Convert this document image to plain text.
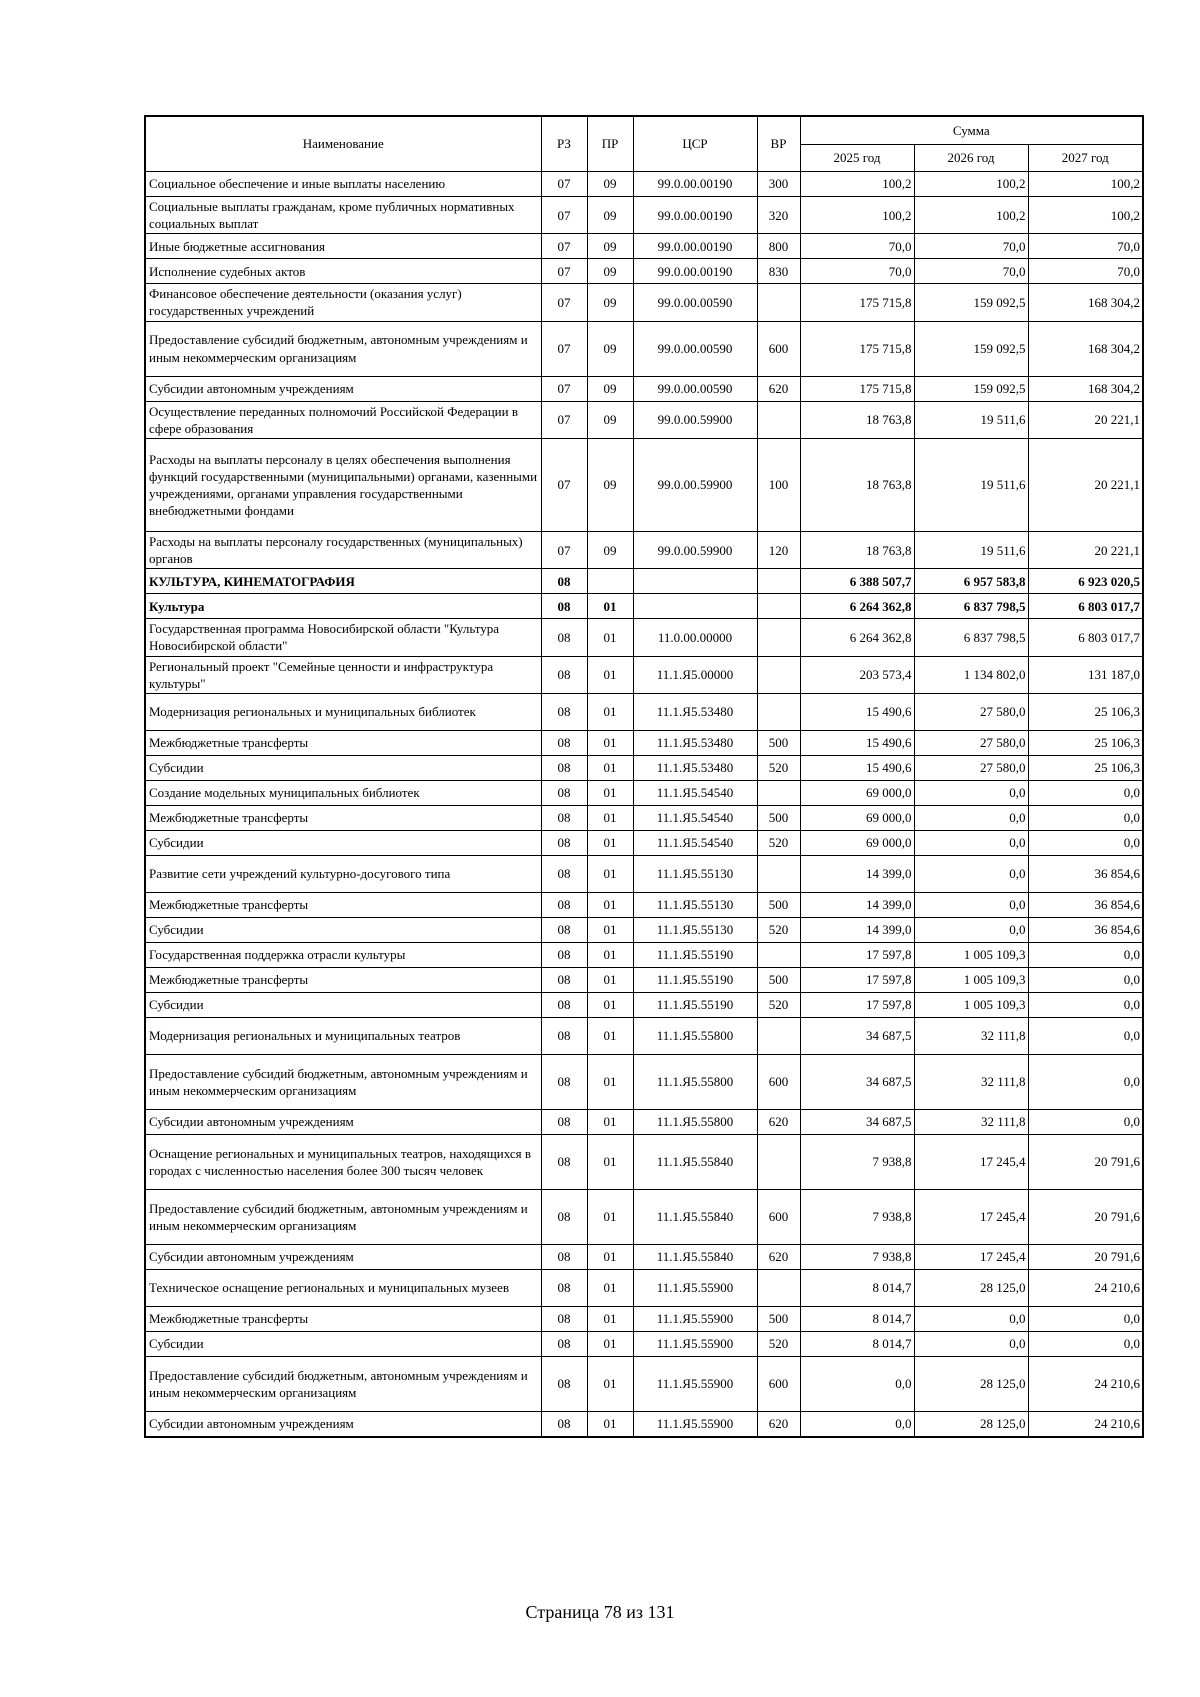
Наименование	РЗ	ПР	ЦСР	ВР	Сумма		
					2025 год	2026 год	2027 год
Социальное обеспечение и иные выплаты населению	07	09	99.0.00.00190	300	100,2	100,2	100,2
Социальные выплаты гражданам, кроме публичных нормативных социальных выплат	07	09	99.0.00.00190	320	100,2	100,2	100,2
Иные бюджетные ассигнования	07	09	99.0.00.00190	800	70,0	70,0	70,0
Исполнение судебных актов	07	09	99.0.00.00190	830	70,0	70,0	70,0
Финансовое обеспечение деятельности (оказания услуг) государственных учреждений	07	09	99.0.00.00590		175 715,8	159 092,5	168 304,2
Предоставление субсидий бюджетным, автономным учреждениям и иным некоммерческим организациям	07	09	99.0.00.00590	600	175 715,8	159 092,5	168 304,2
Субсидии автономным учреждениям	07	09	99.0.00.00590	620	175 715,8	159 092,5	168 304,2
Осуществление переданных полномочий Российской Федерации в сфере образования	07	09	99.0.00.59900		18 763,8	19 511,6	20 221,1
Расходы на выплаты персоналу в целях обеспечения выполнения функций государственными (муниципальными) органами, казенными учреждениями, органами управления государственными внебюджетными фондами	07	09	99.0.00.59900	100	18 763,8	19 511,6	20 221,1
Расходы на выплаты персоналу государственных (муниципальных) органов	07	09	99.0.00.59900	120	18 763,8	19 511,6	20 221,1
КУЛЬТУРА, КИНЕМАТОГРАФИЯ	08				6 388 507,7	6 957 583,8	6 923 020,5
Культура	08	01			6 264 362,8	6 837 798,5	6 803 017,7
Государственная программа Новосибирской области "Культура Новосибирской области"	08	01	11.0.00.00000		6 264 362,8	6 837 798,5	6 803 017,7
Региональный проект "Семейные ценности и инфраструктура культуры"	08	01	11.1.Я5.00000		203 573,4	1 134 802,0	131 187,0
Модернизация региональных и муниципальных библиотек	08	01	11.1.Я5.53480		15 490,6	27 580,0	25 106,3
Межбюджетные трансферты	08	01	11.1.Я5.53480	500	15 490,6	27 580,0	25 106,3
Субсидии	08	01	11.1.Я5.53480	520	15 490,6	27 580,0	25 106,3
Создание модельных муниципальных библиотек	08	01	11.1.Я5.54540		69 000,0	0,0	0,0
Межбюджетные трансферты	08	01	11.1.Я5.54540	500	69 000,0	0,0	0,0
Субсидии	08	01	11.1.Я5.54540	520	69 000,0	0,0	0,0
Развитие сети учреждений культурно-досугового типа	08	01	11.1.Я5.55130		14 399,0	0,0	36 854,6
Межбюджетные трансферты	08	01	11.1.Я5.55130	500	14 399,0	0,0	36 854,6
Субсидии	08	01	11.1.Я5.55130	520	14 399,0	0,0	36 854,6
Государственная поддержка отрасли культуры	08	01	11.1.Я5.55190		17 597,8	1 005 109,3	0,0
Межбюджетные трансферты	08	01	11.1.Я5.55190	500	17 597,8	1 005 109,3	0,0
Субсидии	08	01	11.1.Я5.55190	520	17 597,8	1 005 109,3	0,0
Модернизация региональных и муниципальных театров	08	01	11.1.Я5.55800		34 687,5	32 111,8	0,0
Предоставление субсидий бюджетным, автономным учреждениям и иным некоммерческим организациям	08	01	11.1.Я5.55800	600	34 687,5	32 111,8	0,0
Субсидии автономным учреждениям	08	01	11.1.Я5.55800	620	34 687,5	32 111,8	0,0
Оснащение региональных и муниципальных театров, находящихся в городах с численностью населения более 300 тысяч человек	08	01	11.1.Я5.55840		7 938,8	17 245,4	20 791,6
Предоставление субсидий бюджетным, автономным учреждениям и иным некоммерческим организациям	08	01	11.1.Я5.55840	600	7 938,8	17 245,4	20 791,6
Субсидии автономным учреждениям	08	01	11.1.Я5.55840	620	7 938,8	17 245,4	20 791,6
Техническое оснащение региональных и муниципальных музеев	08	01	11.1.Я5.55900		8 014,7	28 125,0	24 210,6
Межбюджетные трансферты	08	01	11.1.Я5.55900	500	8 014,7	0,0	0,0
Субсидии	08	01	11.1.Я5.55900	520	8 014,7	0,0	0,0
Предоставление субсидий бюджетным, автономным учреждениям и иным некоммерческим организациям	08	01	11.1.Я5.55900	600	0,0	28 125,0	24 210,6
Субсидии автономным учреждениям	08	01	11.1.Я5.55900	620	0,0	28 125,0	24 210,6
Страница 78 из 131
